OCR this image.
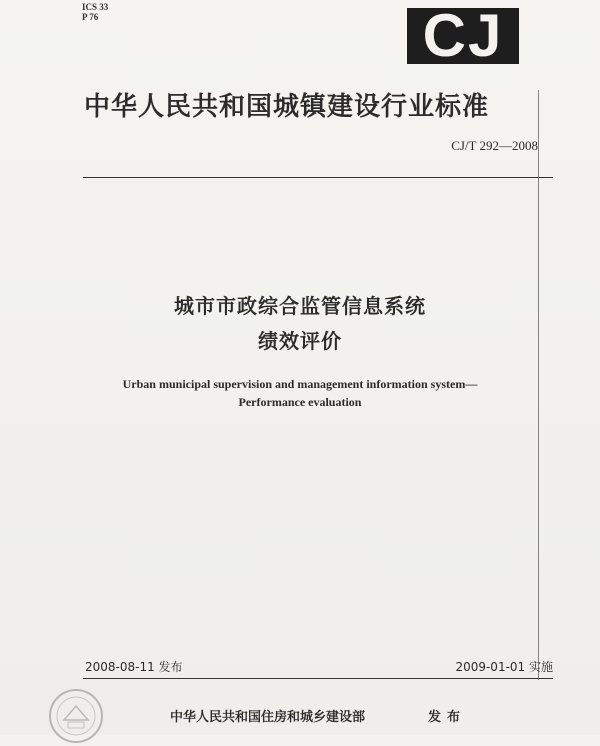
ICS 33
P 76	CJ
中华人民共和国城镇建设行业标准
CJ/T 292—2008
城市市政综合监管信息系统
绩效评价
Urban municipal supervision and management information system—
Performance evaluation
2008-08-11 发布	2009-01-01 实施
中华人民共和国住房和城乡建设部	发布
